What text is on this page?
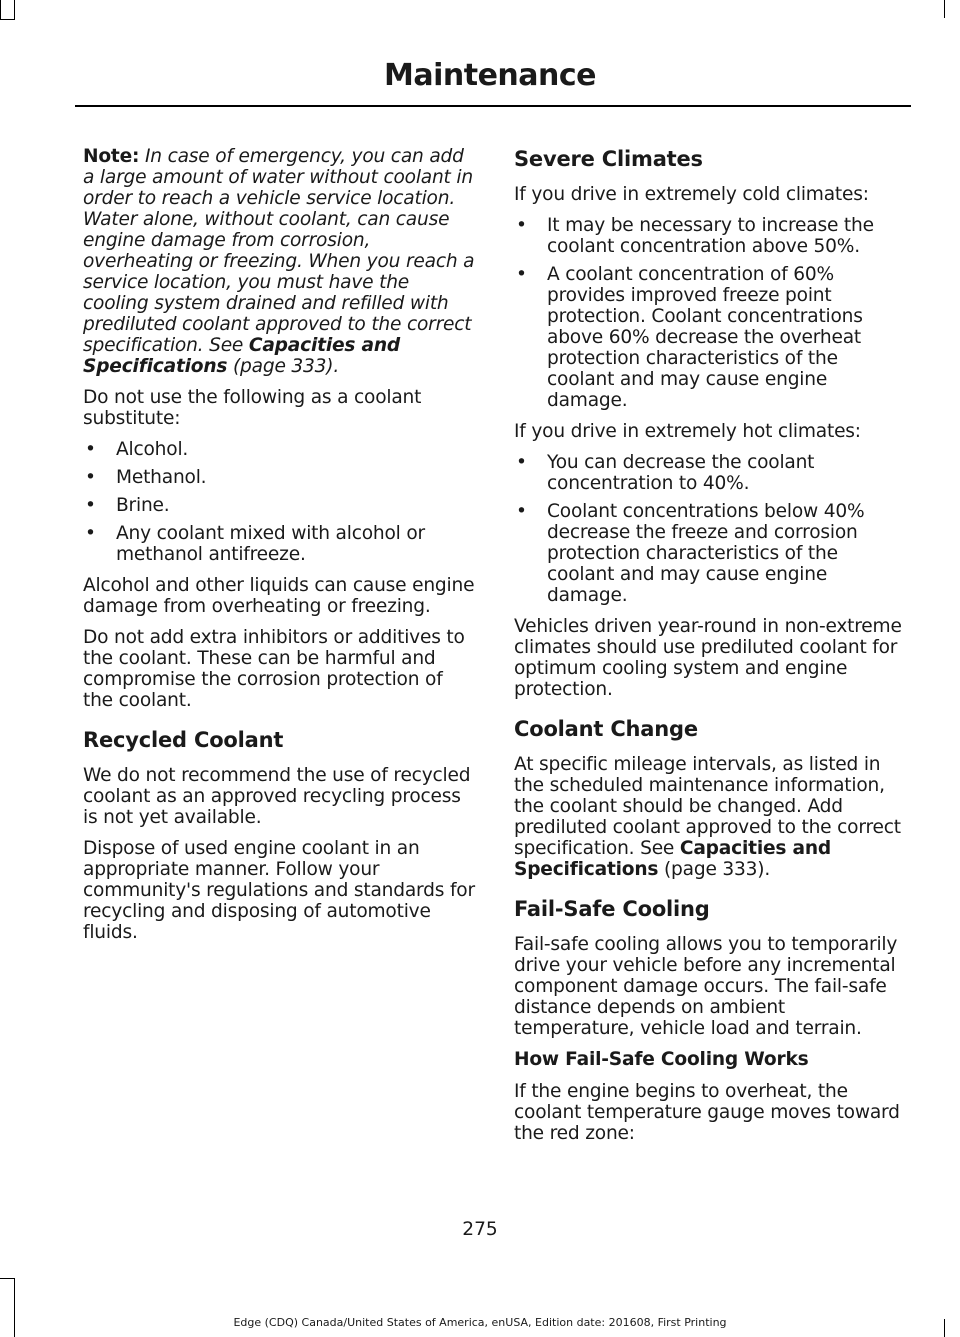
Maintenance

Note: In case of emergency, you can add a large amount of water without coolant in order to reach a vehicle service location. Water alone, without coolant, can cause engine damage from corrosion, overheating or freezing. When you reach a service location, you must have the cooling system drained and refilled with prediluted coolant approved to the correct specification. See Capacities and Specifications (page 333).

Do not use the following as a coolant substitute:

• Alcohol.
• Methanol.
• Brine.
• Any coolant mixed with alcohol or methanol antifreeze.

Alcohol and other liquids can cause engine damage from overheating or freezing.

Do not add extra inhibitors or additives to the coolant. These can be harmful and compromise the corrosion protection of the coolant.

Recycled Coolant

We do not recommend the use of recycled coolant as an approved recycling process is not yet available.

Dispose of used engine coolant in an appropriate manner. Follow your community's regulations and standards for recycling and disposing of automotive fluids.

Severe Climates

If you drive in extremely cold climates:

• It may be necessary to increase the coolant concentration above 50%.
• A coolant concentration of 60% provides improved freeze point protection. Coolant concentrations above 60% decrease the overheat protection characteristics of the coolant and may cause engine damage.

If you drive in extremely hot climates:

• You can decrease the coolant concentration to 40%.
• Coolant concentrations below 40% decrease the freeze and corrosion protection characteristics of the coolant and may cause engine damage.

Vehicles driven year-round in non-extreme climates should use prediluted coolant for optimum cooling system and engine protection.

Coolant Change

At specific mileage intervals, as listed in the scheduled maintenance information, the coolant should be changed. Add prediluted coolant approved to the correct specification. See Capacities and Specifications (page 333).

Fail-Safe Cooling

Fail-safe cooling allows you to temporarily drive your vehicle before any incremental component damage occurs. The fail-safe distance depends on ambient temperature, vehicle load and terrain.

How Fail-Safe Cooling Works

If the engine begins to overheat, the coolant temperature gauge moves toward the red zone:

275
Edge (CDQ) Canada/United States of America, enUSA, Edition date: 201608, First Printing
